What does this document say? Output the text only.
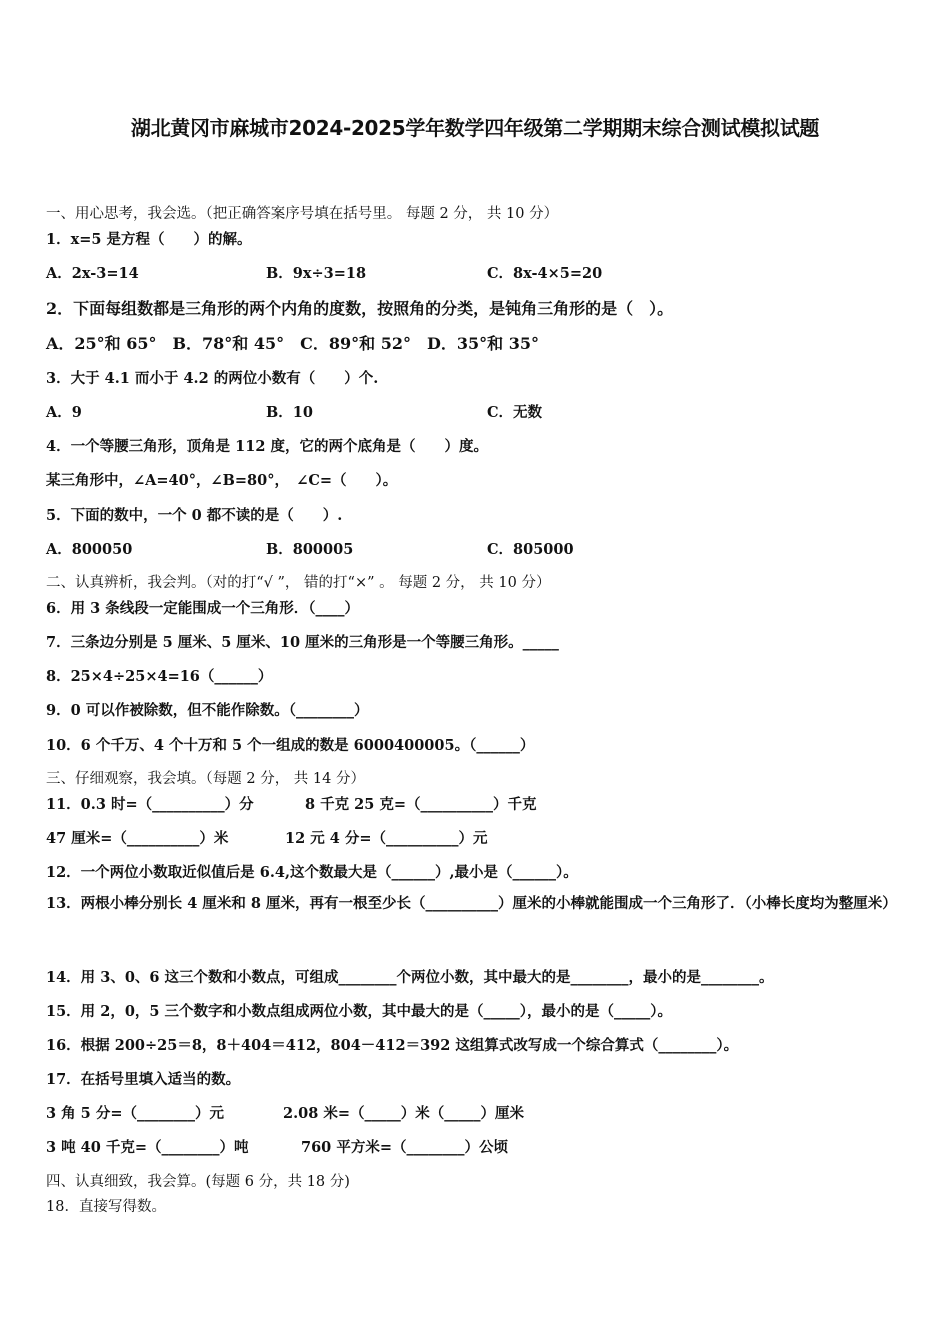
湖北黄冈市麻城市2024-2025学年数学四年级第二学期期末综合测试模拟试题
一、用心思考，我会选。（把正确答案序号填在括号里。 每题 2 分， 共 10 分）
1．x=5 是方程（　　）的解。
A．2x-3=14	B．9x÷3=18	C．8x-4×5=20
2．下面每组数都是三角形的两个内角的度数，按照角的分类，是钝角三角形的是（　）。
A．25°和 65°　B．78°和 45°　C．89°和 52°　D．35°和 35°
3．大于 4.1 而小于 4.2 的两位小数有（　　）个.
A．9	B．10	C．无数
4．一个等腰三角形，顶角是 112 度，它的两个底角是（　　）度。
某三角形中，∠A=40°，∠B=80°，　∠C=（　　）。
5．下面的数中，一个 0 都不读的是（　　）.
A．800050	B．800005	C．805000
二、认真辨析，我会判。（对的打“√ ”， 错的打“×” 。 每题 2 分， 共 10 分）
6．用 3 条线段一定能围成一个三角形．（____）
7．三条边分别是 5 厘米、5 厘米、10 厘米的三角形是一个等腰三角形。_____
8．25×4÷25×4=16（______）
9．0 可以作被除数，但不能作除数。（________）
10．6 个千万、4 个十万和 5 个一组成的数是 6000400005。（______）
三、仔细观察，我会填。（每题 2 分， 共 14 分）
11．0.3 时=（__________）分	8 千克 25 克=（__________）千克
47 厘米=（__________）米	12 元 4 分=（__________）元
12．一个两位小数取近似值后是 6.4,这个数最大是（______）,最小是（______）。
13．两根小棒分别长 4 厘米和 8 厘米，再有一根至少长（__________）厘米的小棒就能围成一个三角形了．（小棒长度均为整厘米）
14．用 3、0、6 这三个数和小数点，可组成________个两位小数，其中最大的是________，最小的是________。
15．用 2，0，5 三个数字和小数点组成两位小数，其中最大的是（_____），最小的是（_____）。
16．根据 200÷25＝8，8＋404＝412，804－412＝392 这组算式改写成一个综合算式（________）。
17．在括号里填入适当的数。
3 角 5 分=（________）元	2.08 米=（_____）米（_____）厘米
3 吨 40 千克=（________）吨	760 平方米=（________）公顷
四、认真细致，我会算。(每题 6 分，共 18 分)
18．直接写得数。
